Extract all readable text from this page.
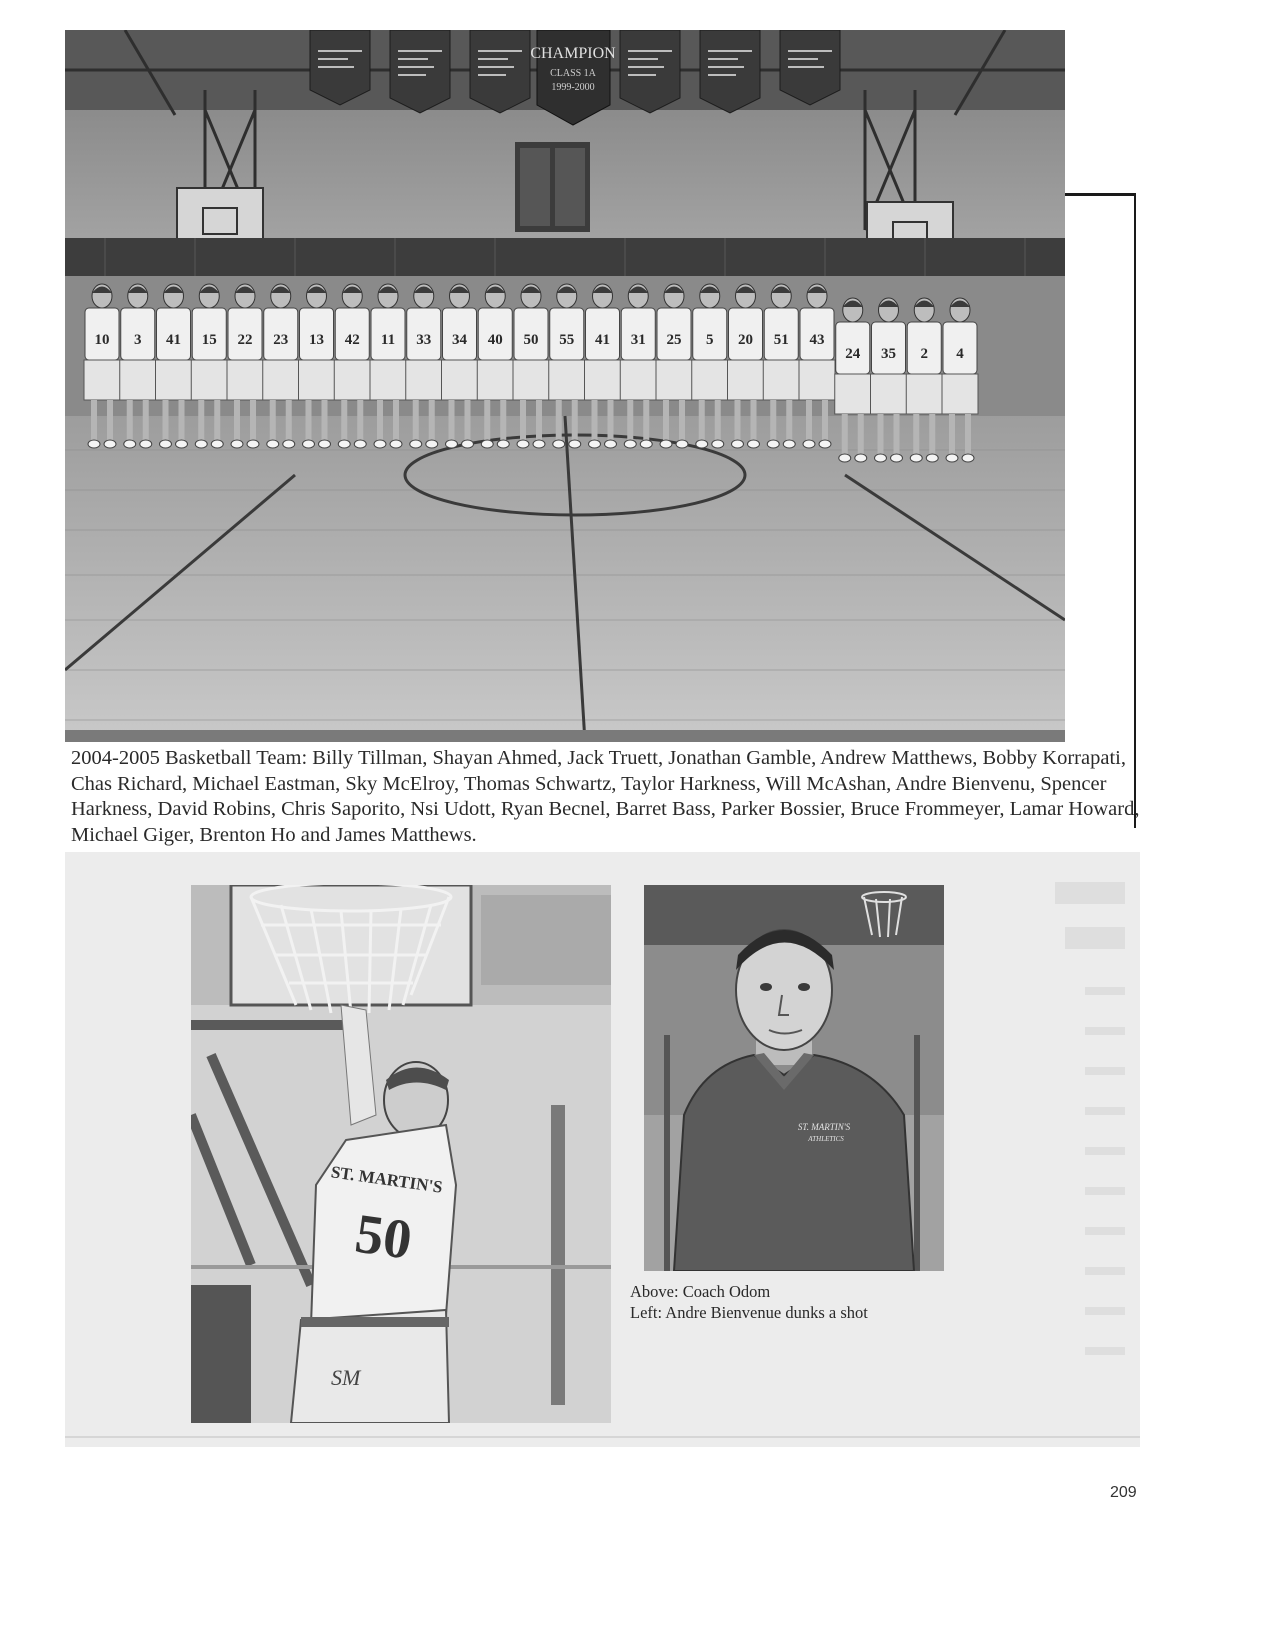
CHAMPION
CLASS 1A
1999-2000
10 3 41 15 22 23 13 42 11 33 34 40 50 55 41 31 25 5 20 51 43
24 35 2 4

2004-2005 Basketball Team: Billy Tillman, Shayan Ahmed, Jack Truett, Jonathan Gamble, Andrew Matthews, Bobby Korrapati, Chas Richard, Michael Eastman, Sky McElroy, Thomas Schwartz, Taylor Harkness, Will McAshan, Andre Bienvenu, Spencer Harkness, David Robins, Chris Saporito, Nsi Udott, Ryan Becnel, Barret Bass, Parker Bossier, Bruce Frommeyer, Lamar Howard, Michael Giger, Brenton Ho and James Matthews.

ST. MARTIN'S
50
SM
ST. MARTIN'S
ATHLETICS
Above: Coach Odom
Left: Andre Bienvenue dunks a shot
209
